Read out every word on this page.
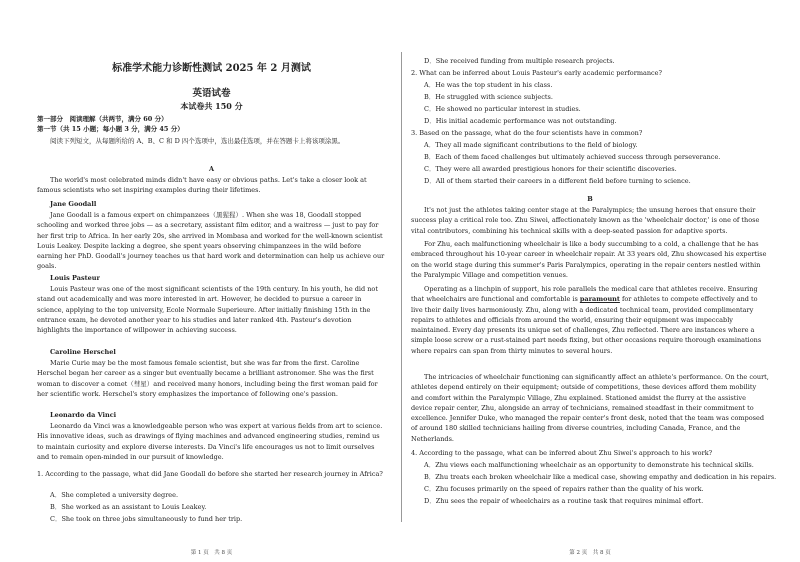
标准学术能力诊断性测试 2025 年 2 月测试
英语试卷
本试卷共 150 分
第一部分　阅读理解（共两节，满分 60 分）
第一节（共 15 小题；每小题 3 分，满分 45 分）
阅读下列短文，从每题所给的 A、B、C 和 D 四个选项中，选出最佳选项，并在答题卡上将该项涂黑。
A
The world's most celebrated minds didn't have easy or obvious paths. Let's take a closer look at famous scientists who set inspiring examples during their lifetimes.
Jane Goodall
Jane Goodall is a famous expert on chimpanzees（黑猩猩）. When she was 18, Goodall stopped schooling and worked three jobs — as a secretary, assistant film editor, and a waitress — just to pay for her first trip to Africa. In her early 20s, she arrived in Mombasa and worked for the well-known scientist Louis Leakey. Despite lacking a degree, she spent years observing chimpanzees in the wild before earning her PhD. Goodall's journey teaches us that hard work and determination can help us achieve our goals.
Louis Pasteur
Louis Pasteur was one of the most significant scientists of the 19th century. In his youth, he did not stand out academically and was more interested in art. However, he decided to pursue a career in science, applying to the top university, Ecole Normale Superieure. After initially finishing 15th in the entrance exam, he devoted another year to his studies and later ranked 4th. Pasteur's devotion highlights the importance of willpower in achieving success.
Caroline Herschel
Marie Curie may be the most famous female scientist, but she was far from the first. Caroline Herschel began her career as a singer but eventually became a brilliant astronomer. She was the first woman to discover a comet（彗星）and received many honors, including being the first woman paid for her scientific work. Herschel's story emphasizes the importance of following one's passion.
Leonardo da Vinci
Leonardo da Vinci was a knowledgeable person who was expert at various fields from art to science. His innovative ideas, such as drawings of flying machines and advanced engineering studies, remind us to maintain curiosity and explore diverse interests. Da Vinci's life encourages us not to limit ourselves and to remain open-minded in our pursuit of knowledge.
1. According to the passage, what did Jane Goodall do before she started her research journey in Africa?
A．She completed a university degree.
B．She worked as an assistant to Louis Leakey.
C．She took on three jobs simultaneously to fund her trip.
第 1 页　共 8 页
D．She received funding from multiple research projects.
2. What can be inferred about Louis Pasteur's early academic performance?
A．He was the top student in his class.
B．He struggled with science subjects.
C．He showed no particular interest in studies.
D．His initial academic performance was not outstanding.
3. Based on the passage, what do the four scientists have in common?
A．They all made significant contributions to the field of biology.
B．Each of them faced challenges but ultimately achieved success through perseverance.
C．They were all awarded prestigious honors for their scientific discoveries.
D．All of them started their careers in a different field before turning to science.
B
It's not just the athletes taking center stage at the Paralympics; the unsung heroes that ensure their success play a critical role too. Zhu Siwei, affectionately known as the 'wheelchair doctor,' is one of those vital contributors, combining his technical skills with a deep-seated passion for adaptive sports.
For Zhu, each malfunctioning wheelchair is like a body succumbing to a cold, a challenge that he has embraced throughout his 10-year career in wheelchair repair. At 33 years old, Zhu showcased his expertise on the world stage during this summer's Paris Paralympics, operating in the repair centers nestled within the Paralympic Village and competition venues.
Operating as a linchpin of support, his role parallels the medical care that athletes receive. Ensuring that wheelchairs are functional and comfortable is paramount for athletes to compete effectively and to live their daily lives harmoniously. Zhu, along with a dedicated technical team, provided complimentary repairs to athletes and officials from around the world, ensuring their equipment was impeccably maintained. Every day presents its unique set of challenges, Zhu reflected. There are instances where a simple loose screw or a rust-stained part needs fixing, but other occasions require thorough examinations where repairs can span from thirty minutes to several hours.
The intricacies of wheelchair functioning can significantly affect an athlete's performance. On the court, athletes depend entirely on their equipment; outside of competitions, these devices afford them mobility and comfort within the Paralympic Village, Zhu explained. Stationed amidst the flurry at the assistive device repair center, Zhu, alongside an array of technicians, remained steadfast in their commitment to excellence. Jennifer Duke, who managed the repair center's front desk, noted that the team was composed of around 180 skilled technicians hailing from diverse countries, including Canada, France, and the Netherlands.
4. According to the passage, what can be inferred about Zhu Siwei's approach to his work?
A．Zhu views each malfunctioning wheelchair as an opportunity to demonstrate his technical skills.
B．Zhu treats each broken wheelchair like a medical case, showing empathy and dedication in his repairs.
C．Zhu focuses primarily on the speed of repairs rather than the quality of his work.
D．Zhu sees the repair of wheelchairs as a routine task that requires minimal effort.
第 2 页　共 8 页
